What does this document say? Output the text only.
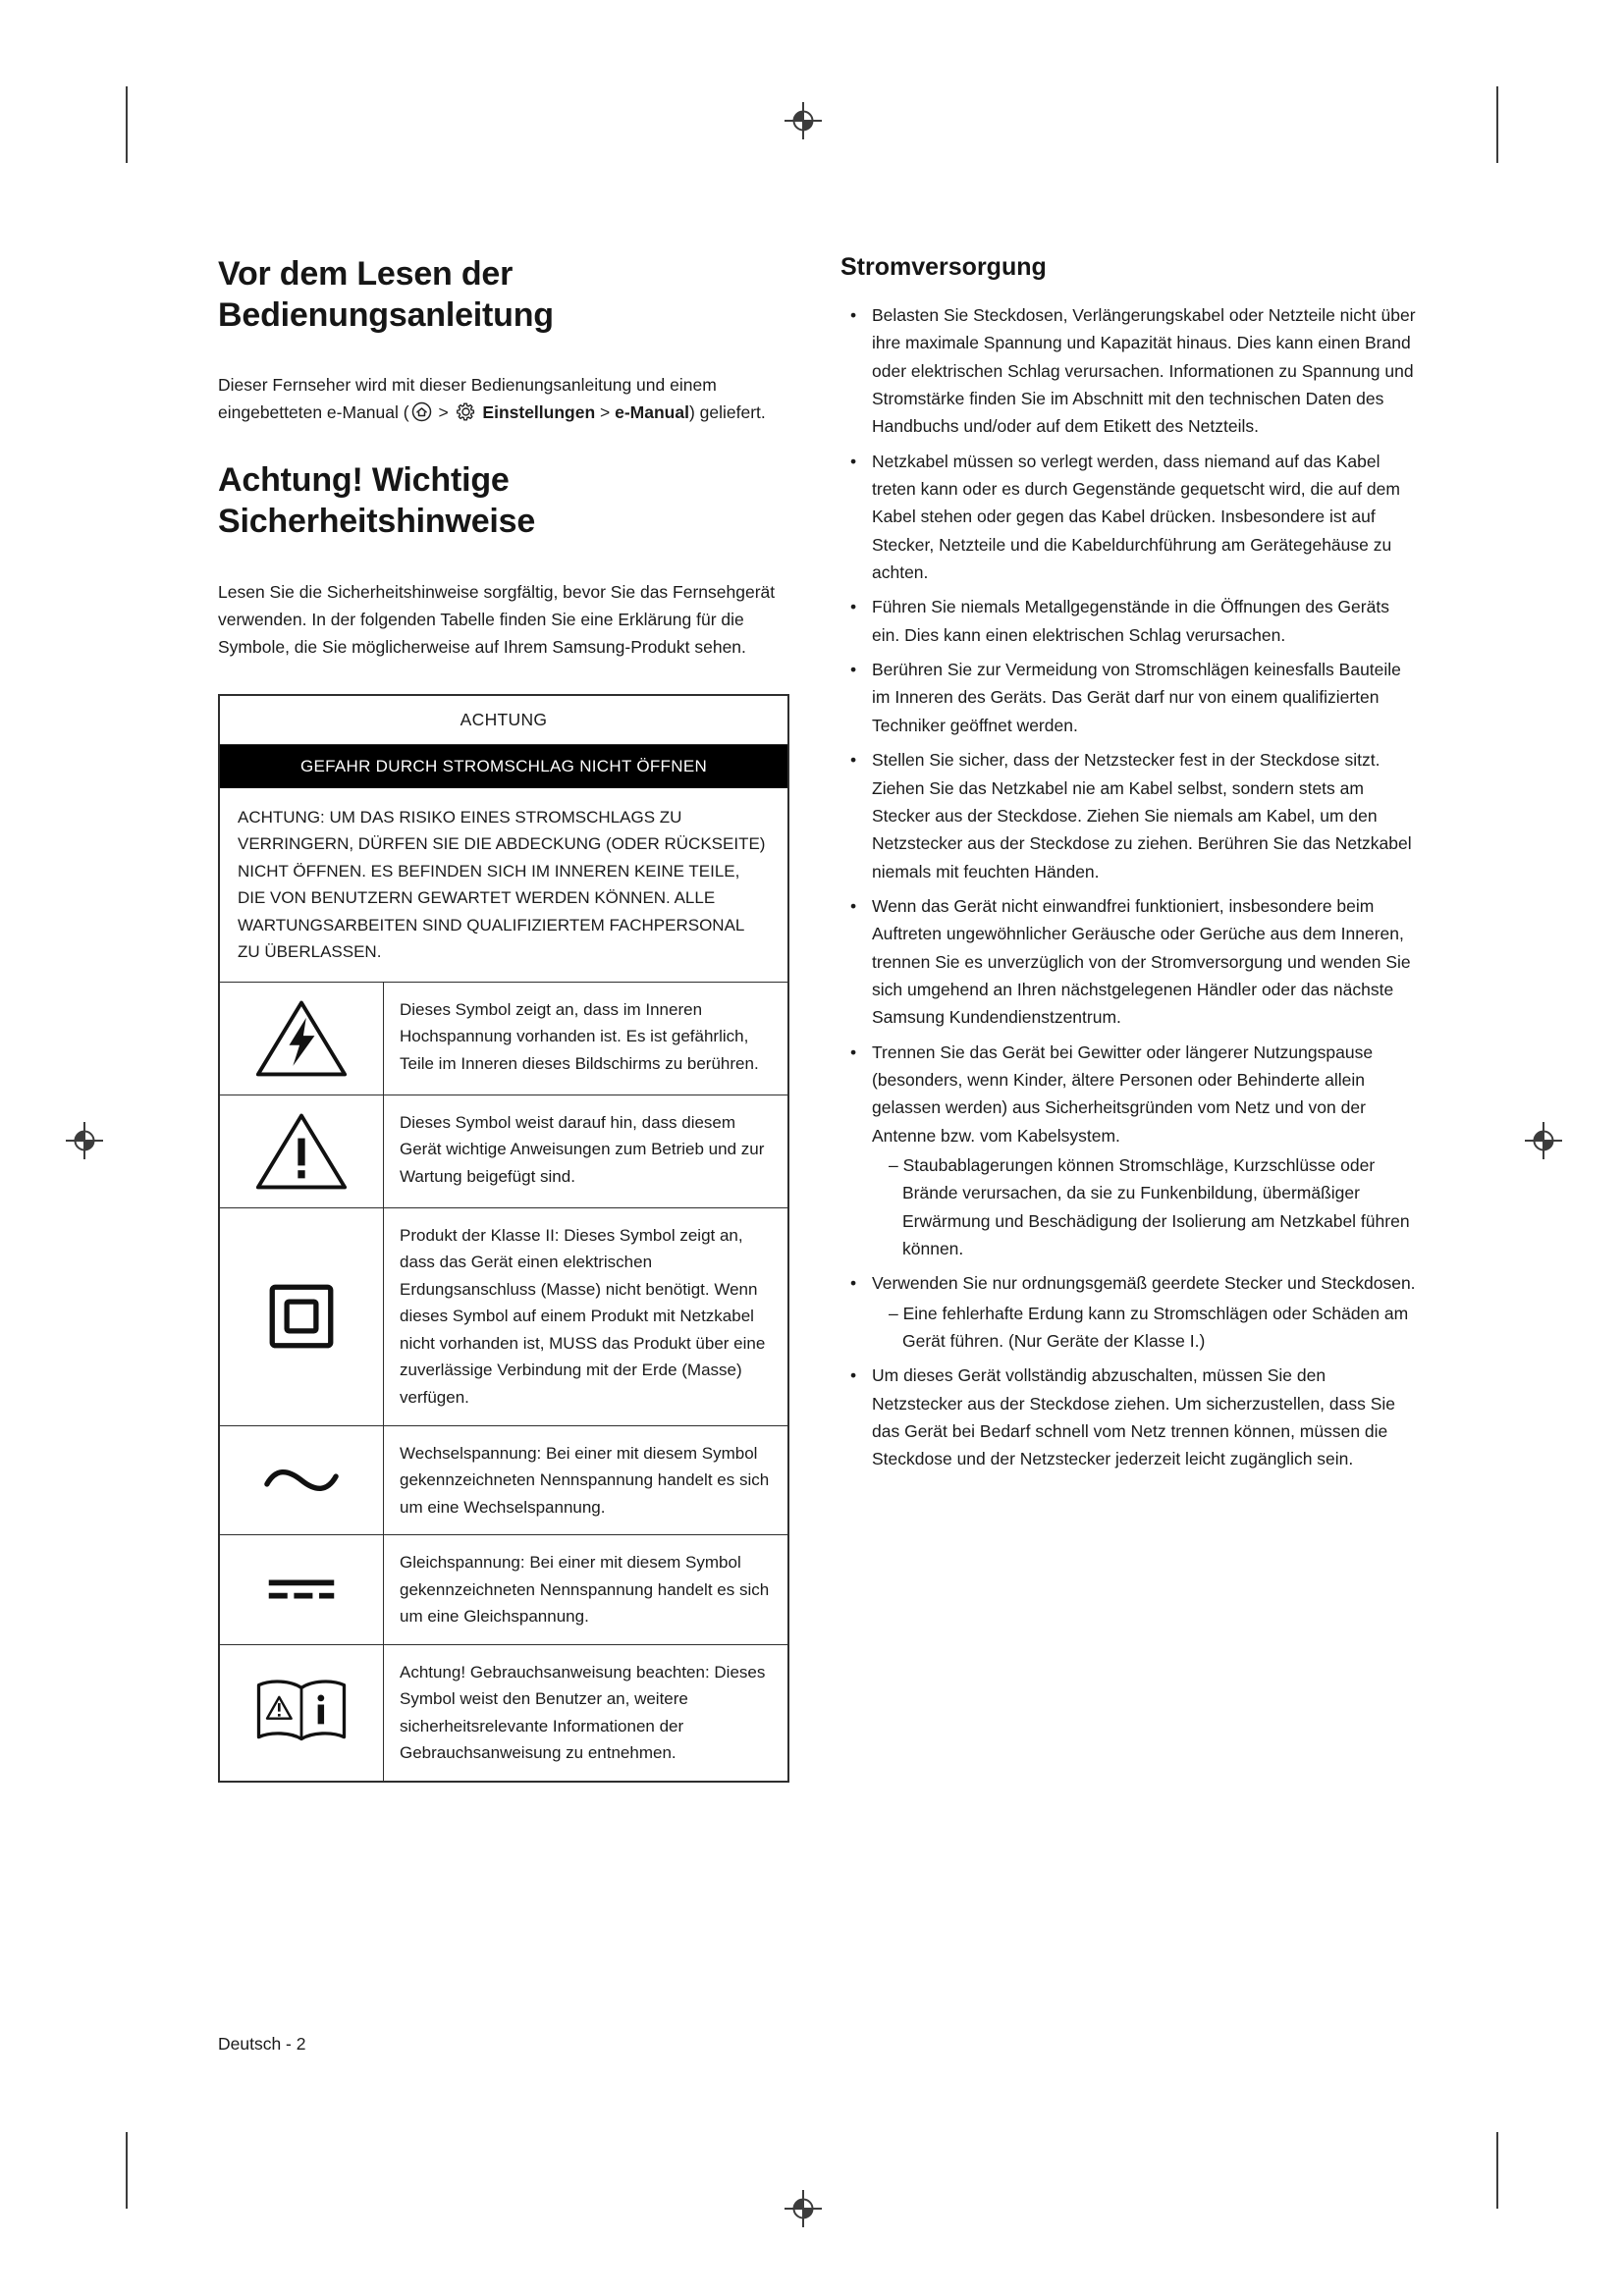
Vor dem Lesen der
Bedienungsanleitung

Dieser Fernseher wird mit dieser Bedienungsanleitung und einem eingebetteten e-Manual (
>
Einstellungen > e-Manual) geliefert.

Achtung! Wichtige
Sicherheitshinweise

Lesen Sie die Sicherheitshinweise sorgfältig, bevor Sie das Fernsehgerät verwenden. In der folgenden Tabelle finden Sie eine Erklärung für die Symbole, die Sie möglicherweise auf Ihrem Samsung-Produkt sehen.

ACHTUNG
GEFAHR DURCH STROMSCHLAG NICHT ÖFFNEN
ACHTUNG: UM DAS RISIKO EINES STROMSCHLAGS ZU VERRINGERN, DÜRFEN SIE DIE ABDECKUNG (ODER RÜCKSEITE) NICHT ÖFFNEN. ES BEFINDEN SICH IM INNEREN KEINE TEILE, DIE VON BENUTZERN GEWARTET WERDEN KÖNNEN. ALLE WARTUNGSARBEITEN SIND QUALIFIZIERTEM FACHPERSONAL ZU ÜBERLASSEN.
Dieses Symbol zeigt an, dass im Inneren Hochspannung vorhanden ist. Es ist gefährlich, Teile im Inneren dieses Bildschirms zu berühren.
Dieses Symbol weist darauf hin, dass diesem Gerät wichtige Anweisungen zum Betrieb und zur Wartung beigefügt sind.
Produkt der Klasse II: Dieses Symbol zeigt an, dass das Gerät einen elektrischen Erdungsanschluss (Masse) nicht benötigt. Wenn dieses Symbol auf einem Produkt mit Netzkabel nicht vorhanden ist, MUSS das Produkt über eine zuverlässige Verbindung mit der Erde (Masse) verfügen.
Wechselspannung: Bei einer mit diesem Symbol gekennzeichneten Nennspannung handelt es sich um eine Wechselspannung.
Gleichspannung: Bei einer mit diesem Symbol gekennzeichneten Nennspannung handelt es sich um eine Gleichspannung.
Achtung! Gebrauchsanweisung beachten: Dieses Symbol weist den Benutzer an, weitere sicherheitsrelevante Informationen der Gebrauchsanweisung zu entnehmen.
Stromversorgung
• Belasten Sie Steckdosen, Verlängerungskabel oder Netzteile nicht über ihre maximale Spannung und Kapazität hinaus. Dies kann einen Brand oder elektrischen Schlag verursachen. Informationen zu Spannung und Stromstärke finden Sie im Abschnitt mit den technischen Daten des Handbuchs und/oder auf dem Etikett des Netzteils.
• Netzkabel müssen so verlegt werden, dass niemand auf das Kabel treten kann oder es durch Gegenstände gequetscht wird, die auf dem Kabel stehen oder gegen das Kabel drücken. Insbesondere ist auf Stecker, Netzteile und die Kabeldurchführung am Gerätegehäuse zu achten.
• Führen Sie niemals Metallgegenstände in die Öffnungen des Geräts ein. Dies kann einen elektrischen Schlag verursachen.
• Berühren Sie zur Vermeidung von Stromschlägen keinesfalls Bauteile im Inneren des Geräts. Das Gerät darf nur von einem qualifizierten Techniker geöffnet werden.
• Stellen Sie sicher, dass der Netzstecker fest in der Steckdose sitzt. Ziehen Sie das Netzkabel nie am Kabel selbst, sondern stets am Stecker aus der Steckdose. Ziehen Sie niemals am Kabel, um den Netzstecker aus der Steckdose zu ziehen. Berühren Sie das Netzkabel niemals mit feuchten Händen.
• Wenn das Gerät nicht einwandfrei funktioniert, insbesondere beim Auftreten ungewöhnlicher Geräusche oder Gerüche aus dem Inneren, trennen Sie es unverzüglich von der Stromversorgung und wenden Sie sich umgehend an Ihren nächstgelegenen Händler oder das nächste Samsung Kundendienstzentrum.
• Trennen Sie das Gerät bei Gewitter oder längerer Nutzungspause (besonders, wenn Kinder, ältere Personen oder Behinderte allein gelassen werden) aus Sicherheitsgründen vom Netz und von der Antenne bzw. vom Kabelsystem.
– Staubablagerungen können Stromschläge, Kurzschlüsse oder Brände verursachen, da sie zu Funkenbildung, übermäßiger Erwärmung und Beschädigung der Isolierung am Netzkabel führen können.
• Verwenden Sie nur ordnungsgemäß geerdete Stecker und Steckdosen.
– Eine fehlerhafte Erdung kann zu Stromschlägen oder Schäden am Gerät führen. (Nur Geräte der Klasse I.)
• Um dieses Gerät vollständig abzuschalten, müssen Sie den Netzstecker aus der Steckdose ziehen. Um sicherzustellen, dass Sie das Gerät bei Bedarf schnell vom Netz trennen können, müssen die Steckdose und der Netzstecker jederzeit leicht zugänglich sein.
Deutsch - 2
